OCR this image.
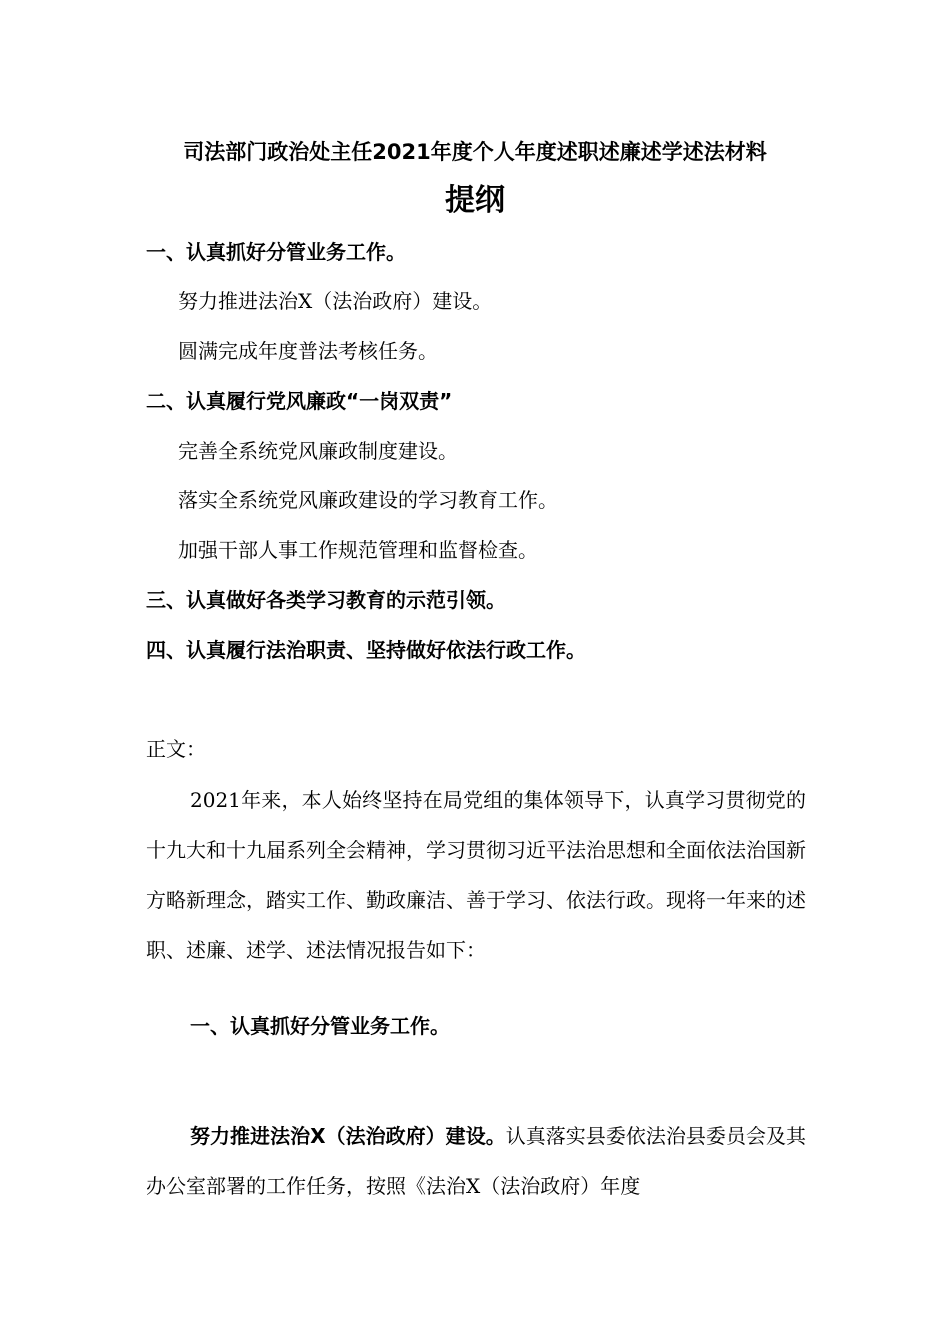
司法部门政治处主任2021年度个人年度述职述廉述学述法材料
提纲
一、认真抓好分管业务工作。
努力推进法治X（法治政府）建设。
圆满完成年度普法考核任务。
二、认真履行党风廉政“一岗双责”
完善全系统党风廉政制度建设。
落实全系统党风廉政建设的学习教育工作。
加强干部人事工作规范管理和监督检查。
三、认真做好各类学习教育的示范引领。
四、认真履行法治职责、坚持做好依法行政工作。
正文：
2021年来，本人始终坚持在局党组的集体领导下，认真学习贯彻党的十九大和十九届系列全会精神，学习贯彻习近平法治思想和全面依法治国新方略新理念，踏实工作、勤政廉洁、善于学习、依法行政。现将一年来的述职、述廉、述学、述法情况报告如下：
一、认真抓好分管业务工作。
努力推进法治X（法治政府）建设。认真落实县委依法治县委员会及其办公室部署的工作任务，按照《法治X（法治政府）年度
